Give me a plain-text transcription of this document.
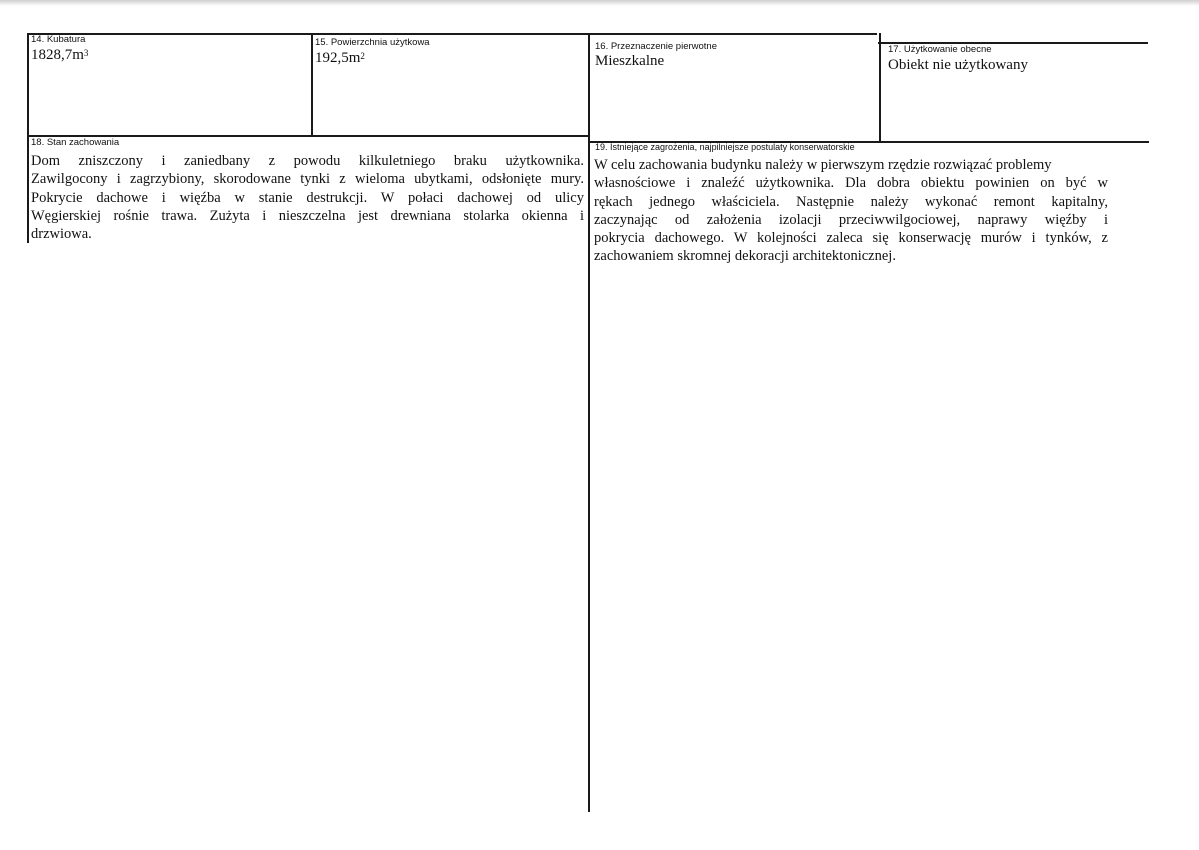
14. Kubatura
$1828,7m^3$
15. Powierzchnia użytkowa
$192,5m^2$
16. Przeznaczenie pierwotne
Mieszkalne
17. Użytkowanie obecne
Obiekt nie użytkowany
18. Stan zachowania
Dom zniszczony i zaniedbany z powodu kilkuletniego braku użytkownika.
Zawilgocony i zagrzybiony, skorodowane tynki z wieloma ubytkami, odsłonięte mury.
Pokrycie dachowe i więźba w stanie destrukcji. W połaci dachowej od ulicy
Węgierskiej rośnie trawa. Zużyta i nieszczelna jest drewniana stolarka okienna i
drzwiowa.
19. Istniejące zagrożenia, najpilniejsze postulaty konserwatorskie
W celu zachowania budynku należy w pierwszym rzędzie rozwiązać problemy
własnościowe i znaleźć użytkownika. Dla dobra obiektu powinien on być w
rękach jednego właściciela. Następnie należy wykonać remont kapitalny,
zaczynając od założenia izolacji przeciwwilgociowej, naprawy więźby i
pokrycia dachowego. W kolejności zaleca się konserwację murów i tynków, z
zachowaniem skromnej dekoracji architektonicznej.
